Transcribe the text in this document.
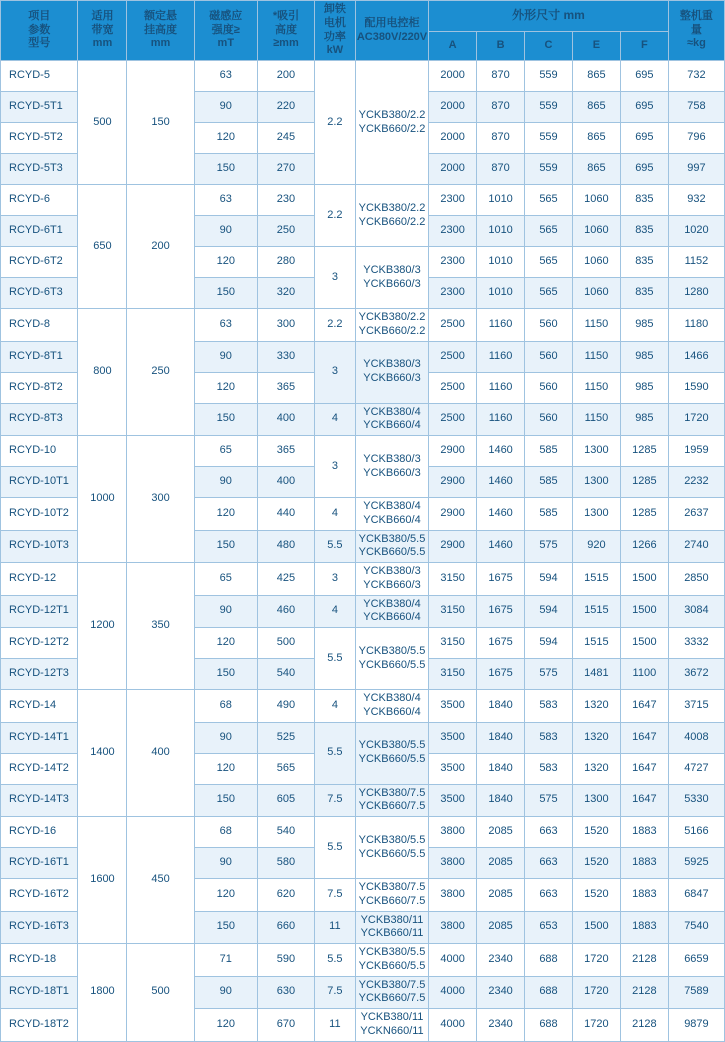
项目
参数
型号	适用
带宽
mm	额定悬
挂高度
mm	磁感应
强度≥
mT	*吸引
高度
≥mm	卸铁
电机
功率
kW	配用电控柜
AC380V/220V	外形尺寸 mm					整机重
量
≈kg

							A	B	C	E	F	
RCYD-5	500	150	63	200	2.2	YCKB380/2.2
YCKB660/2.2	2000	870	559	865	695	732
RCYD-5T1			90	220			2000	870	559	865	695	758
RCYD-5T2			120	245			2000	870	559	865	695	796
RCYD-5T3			150	270			2000	870	559	865	695	997
RCYD-6	650	200	63	230	2.2	YCKB380/2.2
YCKB660/2.2	2300	1010	565	1060	835	932
RCYD-6T1			90	250			2300	1010	565	1060	835	1020
RCYD-6T2			120	280	3	YCKB380/3
YCKB660/3	2300	1010	565	1060	835	1152
RCYD-6T3			150	320			2300	1010	565	1060	835	1280
RCYD-8	800	250	63	300	2.2	YCKB380/2.2
YCKB660/2.2	2500	1160	560	1150	985	1180
RCYD-8T1			90	330	3	YCKB380/3
YCKB660/3	2500	1160	560	1150	985	1466
RCYD-8T2			120	365			2500	1160	560	1150	985	1590
RCYD-8T3			150	400	4	YCKB380/4
YCKB660/4	2500	1160	560	1150	985	1720
RCYD-10	1000	300	65	365	3	YCKB380/3
YCKB660/3	2900	1460	585	1300	1285	1959
RCYD-10T1			90	400			2900	1460	585	1300	1285	2232
RCYD-10T2			120	440	4	YCKB380/4
YCKB660/4	2900	1460	585	1300	1285	2637
RCYD-10T3			150	480	5.5	YCKB380/5.5
YCKB660/5.5	2900	1460	575	920	1266	2740
RCYD-12	1200	350	65	425	3	YCKB380/3
YCKB660/3	3150	1675	594	1515	1500	2850
RCYD-12T1			90	460	4	YCKB380/4
YCKB660/4	3150	1675	594	1515	1500	3084
RCYD-12T2			120	500	5.5	YCKB380/5.5
YCKB660/5.5	3150	1675	594	1515	1500	3332
RCYD-12T3			150	540			3150	1675	575	1481	1100	3672
RCYD-14	1400	400	68	490	4	YCKB380/4
YCKB660/4	3500	1840	583	1320	1647	3715
RCYD-14T1			90	525	5.5	YCKB380/5.5
YCKB660/5.5	3500	1840	583	1320	1647	4008
RCYD-14T2			120	565			3500	1840	583	1320	1647	4727
RCYD-14T3			150	605	7.5	YCKB380/7.5
YCKB660/7.5	3500	1840	575	1300	1647	5330
RCYD-16	1600	450	68	540	5.5	YCKB380/5.5
YCKB660/5.5	3800	2085	663	1520	1883	5166
RCYD-16T1			90	580			3800	2085	663	1520	1883	5925
RCYD-16T2			120	620	7.5	YCKB380/7.5
YCKB660/7.5	3800	2085	663	1520	1883	6847
RCYD-16T3			150	660	11	YCKB380/11
YCKB660/11	3800	2085	653	1500	1883	7540
RCYD-18	1800	500	71	590	5.5	YCKB380/5.5
YCKB660/5.5	4000	2340	688	1720	2128	6659
RCYD-18T1			90	630	7.5	YCKB380/7.5
YCKB660/7.5	4000	2340	688	1720	2128	7589
RCYD-18T2			120	670	11	YCKB380/11
YCKN660/11	4000	2340	688	1720	2128	9879
